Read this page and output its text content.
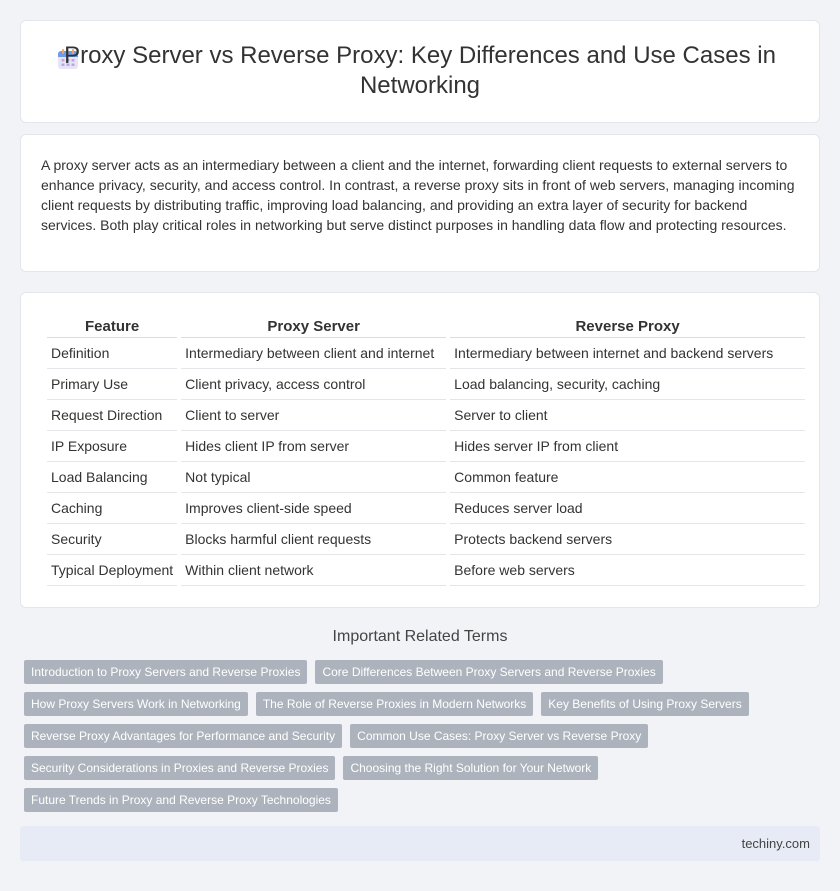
Proxy Server vs Reverse Proxy: Key Differences and Use Cases in Networking

A proxy server acts as an intermediary between a client and the internet, forwarding client requests to external servers to enhance privacy, security, and access control. In contrast, a reverse proxy sits in front of web servers, managing incoming client requests by distributing traffic, improving load balancing, and providing an extra layer of security for backend services. Both play critical roles in networking but serve distinct purposes in handling data flow and protecting resources.

Feature	Proxy Server	Reverse Proxy
Definition	Intermediary between client and internet	Intermediary between internet and backend servers
Primary Use	Client privacy, access control	Load balancing, security, caching
Request Direction	Client to server	Server to client
IP Exposure	Hides client IP from server	Hides server IP from client
Load Balancing	Not typical	Common feature
Caching	Improves client-side speed	Reduces server load
Security	Blocks harmful client requests	Protects backend servers
Typical Deployment	Within client network	Before web servers
Important Related Terms
Introduction to Proxy Servers and Reverse Proxies	Core Differences Between Proxy Servers and Reverse Proxies
How Proxy Servers Work in Networking	The Role of Reverse Proxies in Modern Networks	Key Benefits of Using Proxy Servers
Reverse Proxy Advantages for Performance and Security	Common Use Cases: Proxy Server vs Reverse Proxy
Security Considerations in Proxies and Reverse Proxies	Choosing the Right Solution for Your Network
Future Trends in Proxy and Reverse Proxy Technologies
techiny.com
